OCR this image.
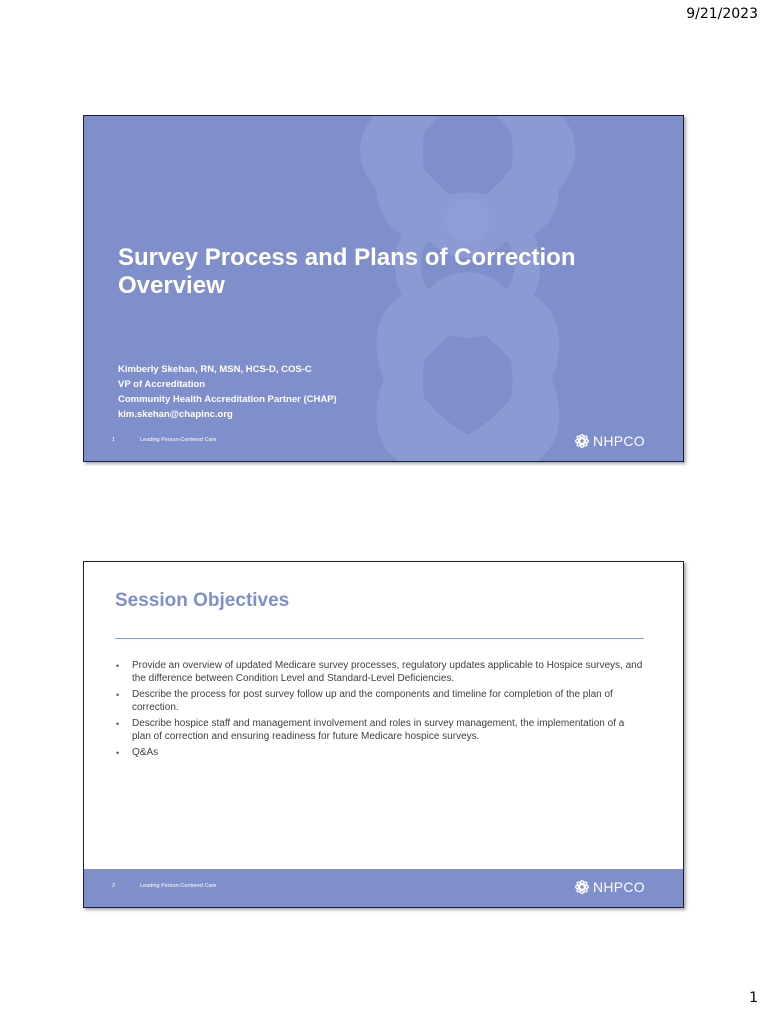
9/21/2023
Survey Process and Plans of Correction
Overview
Kimberly Skehan, RN, MSN, HCS-D, COS-C
VP of Accreditation
Community Health Accreditation Partner (CHAP)
kim.skehan@chapinc.org
1	Leading Person-Centered Care	NHPCO
Session Objectives
• Provide an overview of updated Medicare survey processes, regulatory updates applicable to Hospice surveys, and the difference between Condition Level and Standard-Level Deficiencies.
• Describe the process for post survey follow up and the components and timeline for completion of the plan of correction.
• Describe hospice staff and management involvement and roles in survey management, the implementation of a plan of correction and ensuring readiness for future Medicare hospice surveys.
• Q&As
2	Leading Person-Centered Care	NHPCO
1
